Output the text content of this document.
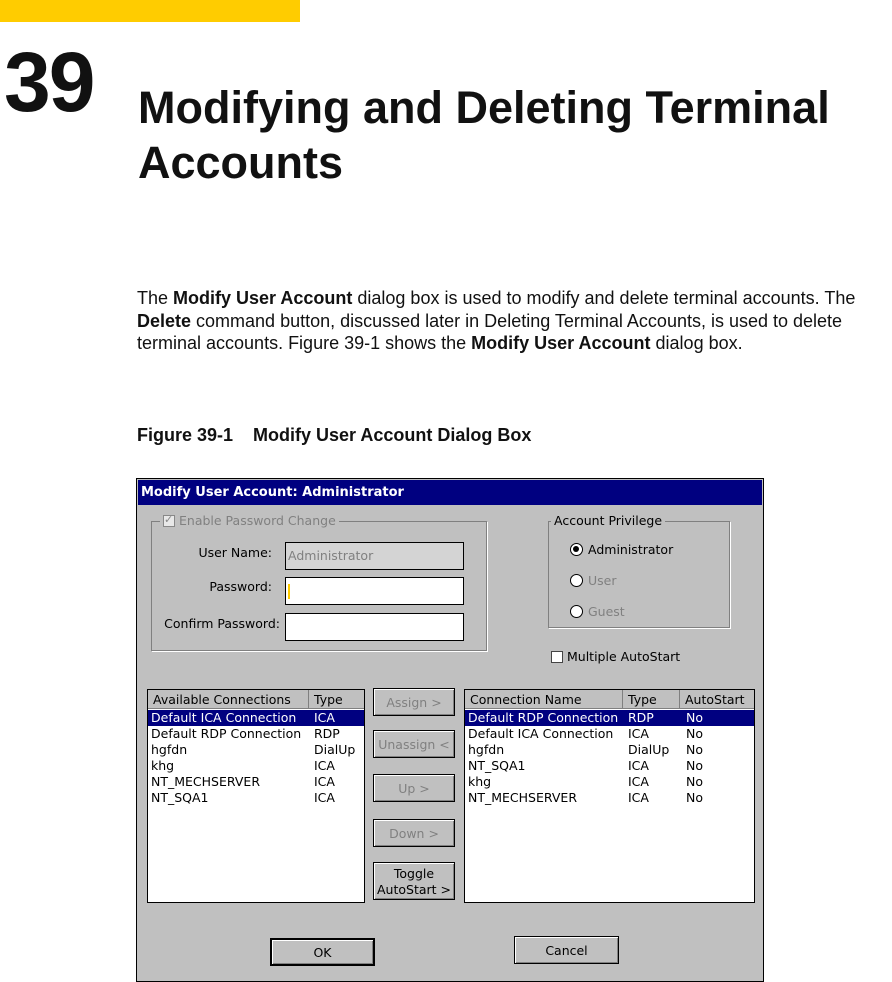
39 Modifying and Deleting Terminal
Accounts
The Modify User Account dialog box is used to modify and delete terminal accounts. The Delete command button, discussed later in Deleting Terminal Accounts, is used to delete terminal accounts. Figure 39-1 shows the Modify User Account dialog box.
Figure 39-1 Modify User Account Dialog Box
Modify User Account: Administrator
✓ Enable Password Change
User Name: Administrator
Password:
Confirm Password:
Account Privilege
Administrator
User
Guest
Multiple AutoStart
Available Connections	Type
Default ICA Connection ICA
Default RDP Connection RDP
hgfdn	DialUp
khg	ICA
NT_MECHSERVER	ICA
NT_SQA1	ICA
Assign >
Unassign <
Up >
Down >
Toggle
AutoStart >
Connection Name	Type	AutoStart
Default RDP Connection RDP	No
Default ICA Connection ICA	No
hgfdn	DialUp No
NT_SQA1	ICA	No
khg	ICA	No
NT_MECHSERVER	ICA	No
OK	Cancel
